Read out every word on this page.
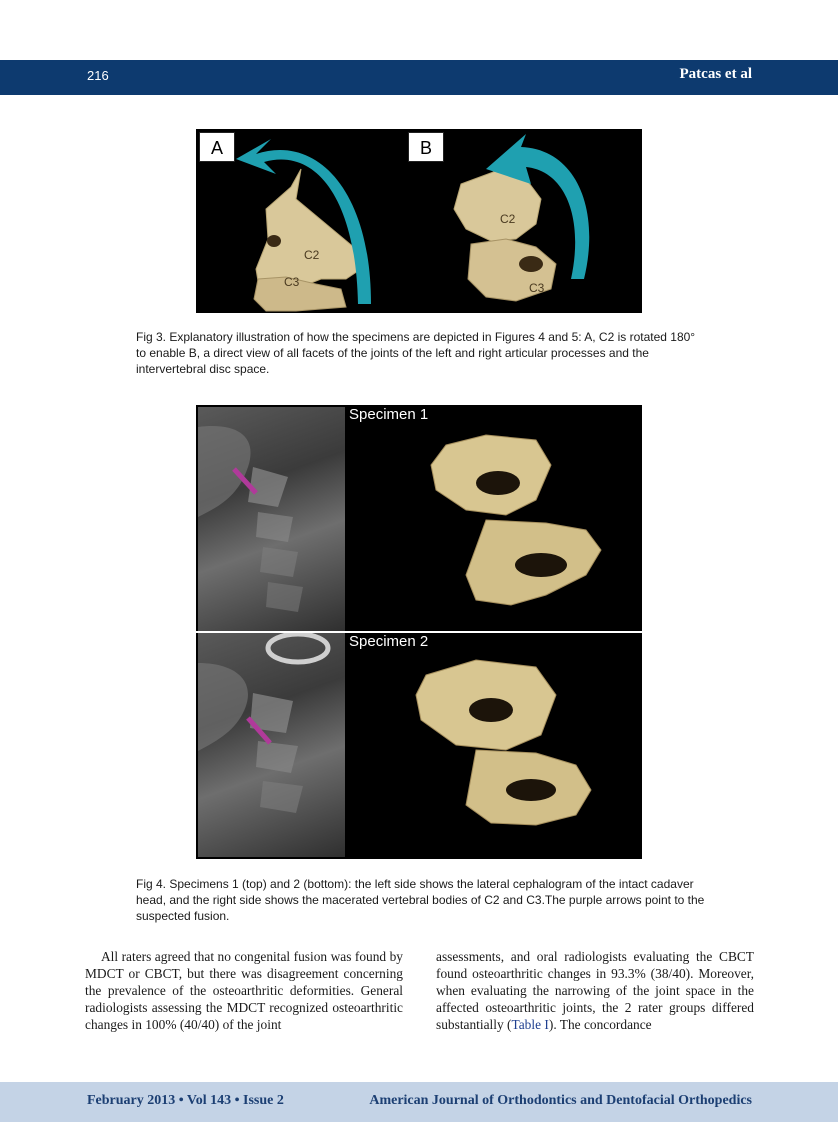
216	Patcas et al
A	B
C2
C3
C2
C3
Fig 3. Explanatory illustration of how the specimens are depicted in Figures 4 and 5: A, C2 is rotated 180° to enable B, a direct view of all facets of the joints of the left and right articular processes and the intervertebral disc space.
Specimen 1
Specimen 2
Fig 4. Specimens 1 (top) and 2 (bottom): the left side shows the lateral cephalogram of the intact cadaver head, and the right side shows the macerated vertebral bodies of C2 and C3.The purple arrows point to the suspected fusion.
All raters agreed that no congenital fusion was found by MDCT or CBCT, but there was disagreement concerning the prevalence of the osteoarthritic deformities. General radiologists assessing the MDCT recognized osteoarthritic changes in 100% (40/40) of the joint
assessments, and oral radiologists evaluating the CBCT found osteoarthritic changes in 93.3% (38/40). Moreover, when evaluating the narrowing of the joint space in the affected osteoarthritic joints, the 2 rater groups differed substantially (Table I). The concordance
February 2013 • Vol 143 • Issue 2	American Journal of Orthodontics and Dentofacial Orthopedics
